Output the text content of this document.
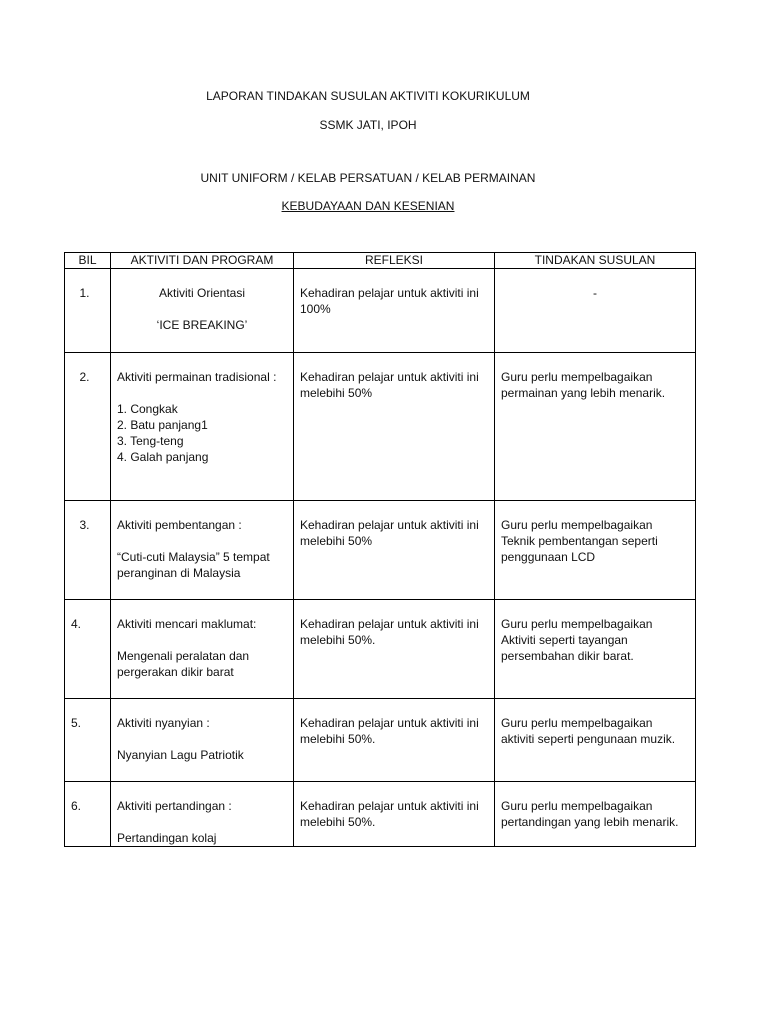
LAPORAN TINDAKAN SUSULAN AKTIVITI KOKURIKULUM
SSMK JATI, IPOH
UNIT UNIFORM / KELAB PERSATUAN / KELAB PERMAINAN
KEBUDAYAAN DAN KESENIAN
BIL	AKTIVITI DAN PROGRAM	REFLEKSI	TINDAKAN SUSULAN
1.	Aktiviti Orientasi

‘ICE BREAKING’	Kehadiran pelajar untuk aktiviti ini 100%	-
2.	Aktiviti permainan tradisional :

1. Congkak

2. Batu panjang1

3. Teng-teng

4. Galah panjang	Kehadiran pelajar untuk aktiviti ini melebihi 50%	Guru perlu mempelbagaikan permainan yang lebih menarik.
3.	Aktiviti pembentangan :

“Cuti-cuti Malaysia” 5 tempat peranginan di Malaysia	Kehadiran pelajar untuk aktiviti ini melebihi 50%	Guru perlu mempelbagaikan Teknik pembentangan seperti penggunaan LCD
4.	Aktiviti mencari maklumat:

Mengenali peralatan dan pergerakan dikir barat	Kehadiran pelajar untuk aktiviti ini melebihi 50%.	Guru perlu mempelbagaikan Aktiviti seperti tayangan persembahan dikir barat.
5.	Aktiviti nyanyian :

Nyanyian Lagu Patriotik	Kehadiran pelajar untuk aktiviti ini melebihi 50%.	Guru perlu mempelbagaikan aktiviti seperti pengunaan muzik.
6.	Aktiviti pertandingan :

Pertandingan kolaj	Kehadiran pelajar untuk aktiviti ini melebihi 50%.	Guru perlu mempelbagaikan pertandingan yang lebih menarik.
